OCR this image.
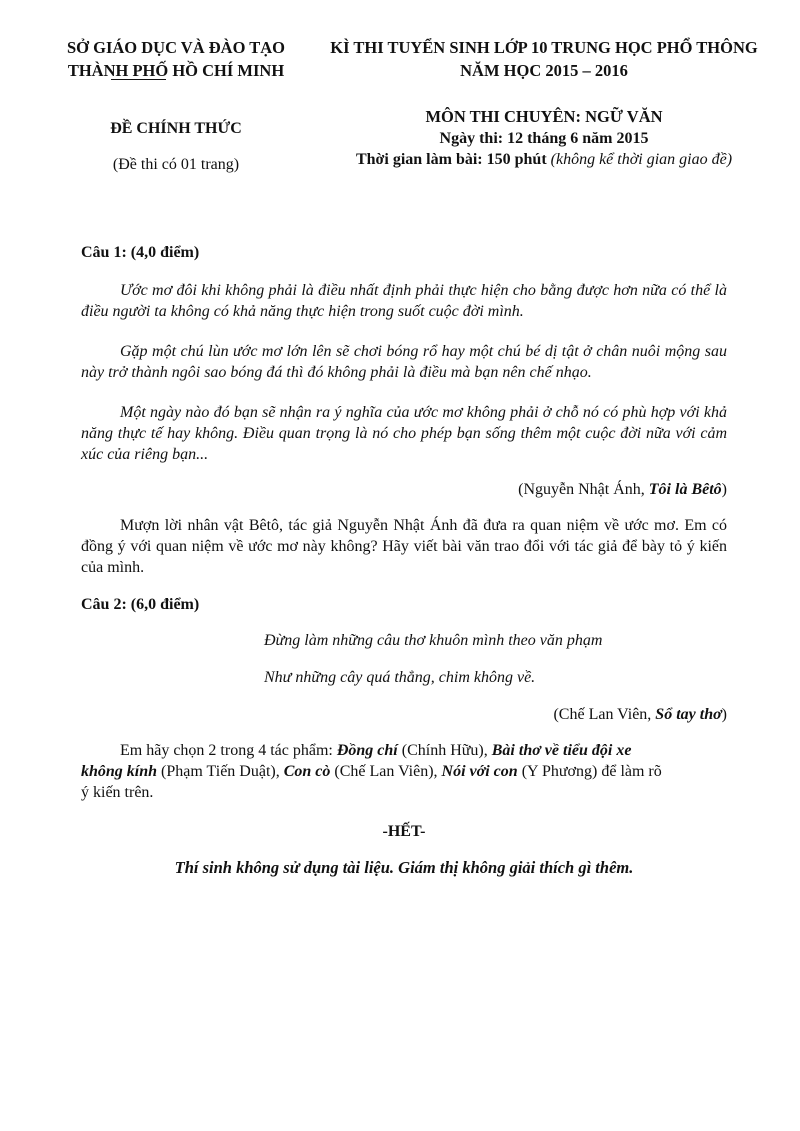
SỞ GIÁO DỤC VÀ ĐÀO TẠO
THÀNH PHỐ HỒ CHÍ MINH
KÌ THI TUYỂN SINH LỚP 10 TRUNG HỌC PHỔ THÔNG
NĂM HỌC 2015 – 2016
ĐỀ CHÍNH THỨC
(Đề thi có 01 trang)
MÔN THI CHUYÊN: NGỮ VĂN
Ngày thi: 12 tháng 6 năm 2015
Thời gian làm bài: 150 phút (không kể thời gian giao đề)

Câu 1: (4,0 điểm)

Ước mơ đôi khi không phải là điều nhất định phải thực hiện cho bằng được hơn nữa có thể là điều người ta không có khả năng thực hiện trong suốt cuộc đời mình.

Gặp một chú lùn ước mơ lớn lên sẽ chơi bóng rổ hay một chú bé dị tật ở chân nuôi mộng sau này trở thành ngôi sao bóng đá thì đó không phải là điều mà bạn nên chế nhạo.

Một ngày nào đó bạn sẽ nhận ra ý nghĩa của ước mơ không phải ở chỗ nó có phù hợp với khả năng thực tế hay không. Điều quan trọng là nó cho phép bạn sống thêm một cuộc đời nữa với cảm xúc của riêng bạn...

(Nguyễn Nhật Ánh, Tôi là Bêtô)

Mượn lời nhân vật Bêtô, tác giả Nguyễn Nhật Ánh đã đưa ra quan niệm về ước mơ. Em có đồng ý với quan niệm về ước mơ này không? Hãy viết bài văn trao đổi với tác giả để bày tỏ ý kiến của mình.

Câu 2: (6,0 điểm)

Đừng làm những câu thơ khuôn mình theo văn phạm

Như những cây quá thẳng, chim không về.

(Chế Lan Viên, Sổ tay thơ)

Em hãy chọn 2 trong 4 tác phẩm: Đồng chí (Chính Hữu), Bài thơ về tiểu đội xe không kính (Phạm Tiến Duật), Con cò (Chế Lan Viên), Nói với con (Y Phương) để làm rõ ý kiến trên.

-HẾT-

Thí sinh không sử dụng tài liệu. Giám thị không giải thích gì thêm.
